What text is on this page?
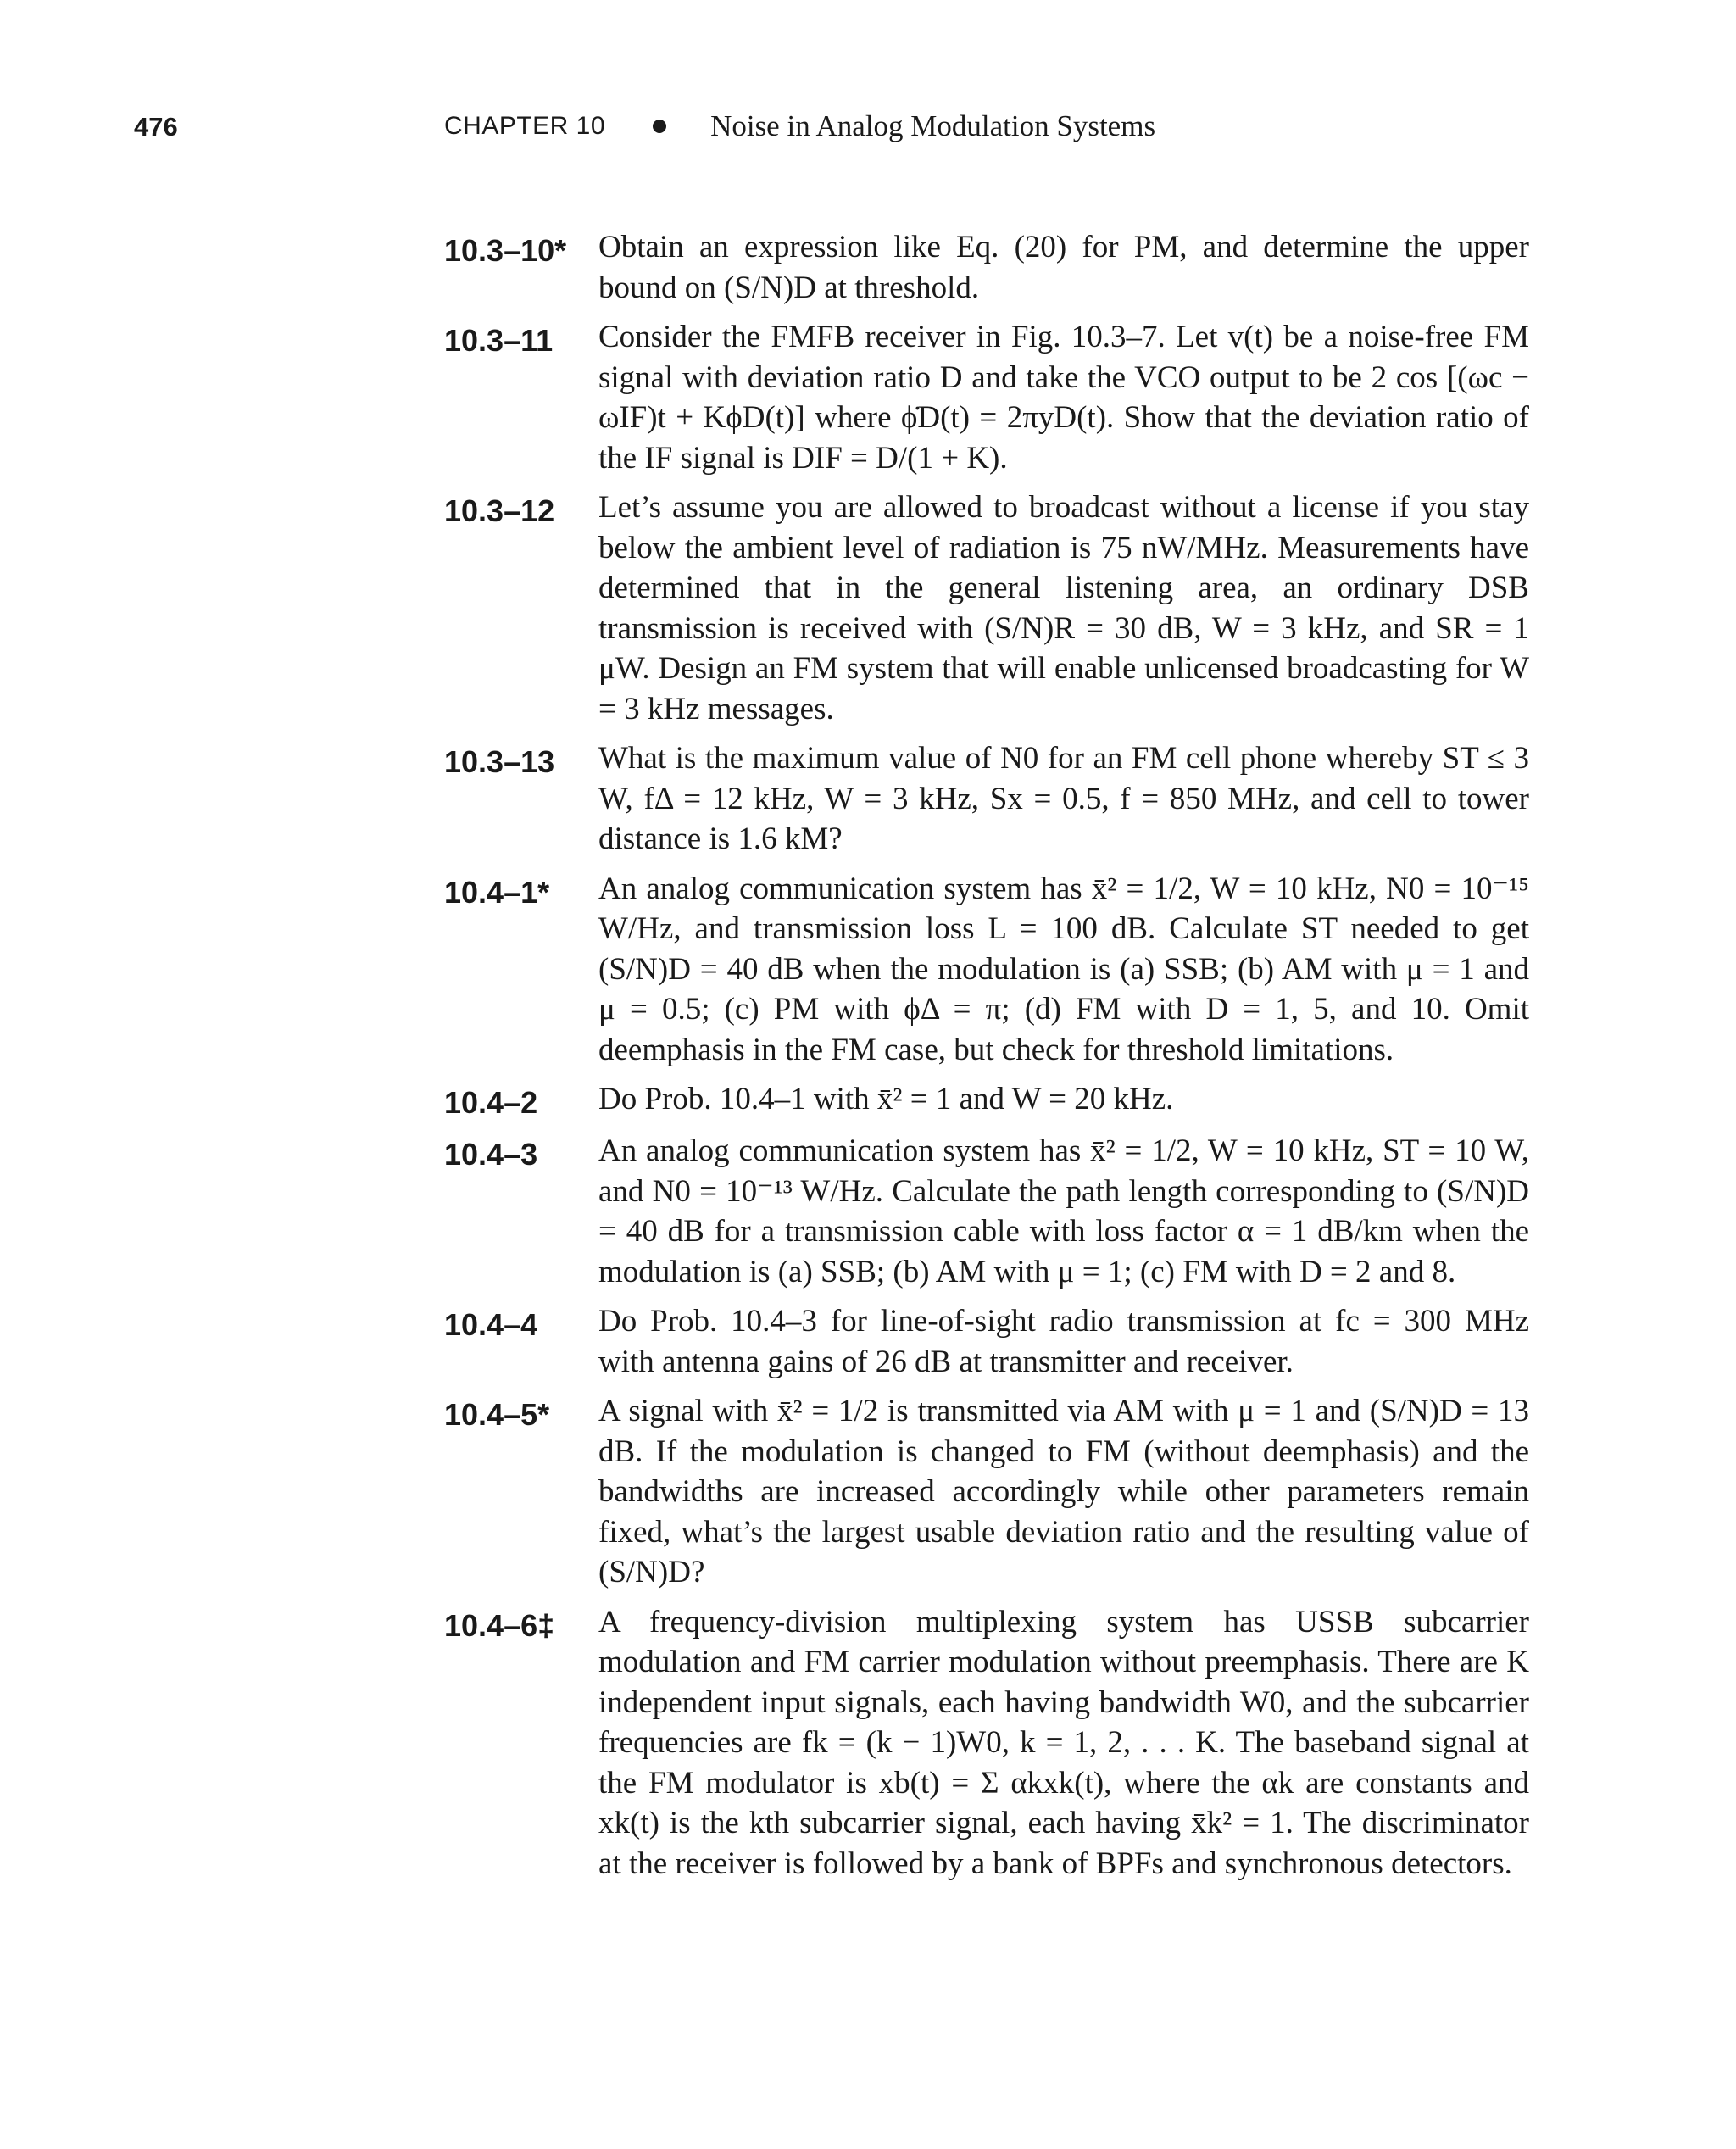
476	CHAPTER 10	Noise in Analog Modulation Systems
10.3–10*	Obtain an expression like Eq. (20) for PM, and determine the upper bound on (S/N)D at threshold.
10.3–11	Consider the FMFB receiver in Fig. 10.3–7. Let v(t) be a noise-free FM signal with deviation ratio D and take the VCO output to be 2 cos [(ωc − ωIF)t + KϕD(t)] where ϕ̇D(t) = 2πyD(t). Show that the deviation ratio of the IF signal is DIF = D/(1 + K).
10.3–12	Let’s assume you are allowed to broadcast without a license if you stay below the ambient level of radiation is 75 nW/MHz. Measurements have determined that in the general listening area, an ordinary DSB transmission is received with (S/N)R = 30 dB, W = 3 kHz, and SR = 1 μW. Design an FM system that will enable unlicensed broadcasting for W = 3 kHz messages.
10.3–13	What is the maximum value of N0 for an FM cell phone whereby ST ≤ 3 W, fΔ = 12 kHz, W = 3 kHz, Sx = 0.5, f = 850 MHz, and cell to tower distance is 1.6 kM?
10.4–1*	An analog communication system has x̄² = 1/2, W = 10 kHz, N0 = 10⁻¹⁵ W/Hz, and transmission loss L = 100 dB. Calculate ST needed to get (S/N)D = 40 dB when the modulation is (a) SSB; (b) AM with μ = 1 and μ = 0.5; (c) PM with ϕΔ = π; (d) FM with D = 1, 5, and 10. Omit deemphasis in the FM case, but check for threshold limitations.
10.4–2	Do Prob. 10.4–1 with x̄² = 1 and W = 20 kHz.
10.4–3	An analog communication system has x̄² = 1/2, W = 10 kHz, ST = 10 W, and N0 = 10⁻¹³ W/Hz. Calculate the path length corresponding to (S/N)D = 40 dB for a transmission cable with loss factor α = 1 dB/km when the modulation is (a) SSB; (b) AM with μ = 1; (c) FM with D = 2 and 8.
10.4–4	Do Prob. 10.4–3 for line-of-sight radio transmission at fc = 300 MHz with antenna gains of 26 dB at transmitter and receiver.
10.4–5*	A signal with x̄² = 1/2 is transmitted via AM with μ = 1 and (S/N)D = 13 dB. If the modulation is changed to FM (without deemphasis) and the bandwidths are increased accordingly while other parameters remain fixed, what’s the largest usable deviation ratio and the resulting value of (S/N)D?
10.4–6‡	A frequency-division multiplexing system has USSB subcarrier modulation and FM carrier modulation without preemphasis. There are K independent input signals, each having bandwidth W0, and the subcarrier frequencies are fk = (k − 1)W0, k = 1, 2, . . . K. The baseband signal at the FM modulator is xb(t) = Σ αkxk(t), where the αk are constants and xk(t) is the kth subcarrier signal, each having x̄k² = 1. The discriminator at the receiver is followed by a bank of BPFs and synchronous detectors.
